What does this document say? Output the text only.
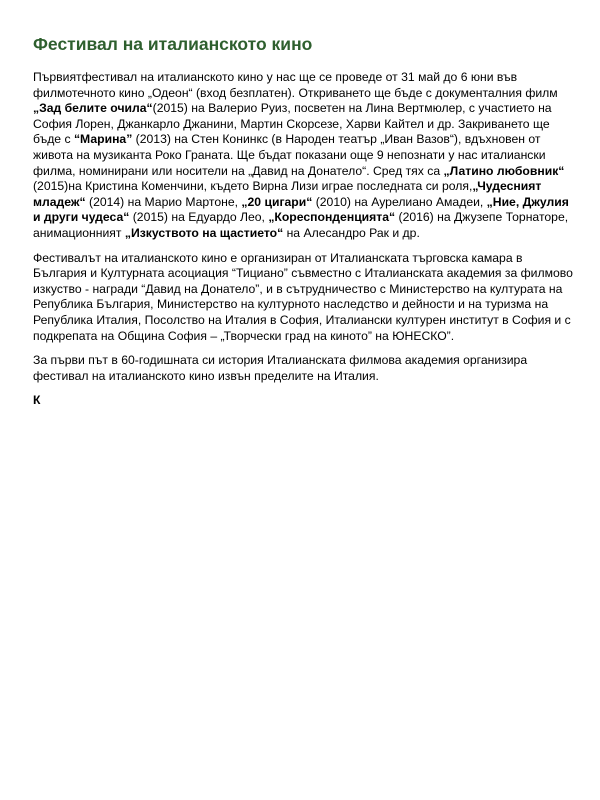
Фестивал на италианското кино

Първиятфестивал на италианското кино у нас ще се проведе от 31 май до 6 юни във филмотечното кино „Одеон“ (вход безплатен). Откриването ще бъде с документалния филм „Зад белите очила“(2015) на Валерио Руиз, посветен на Лина Вертмюлер, с участието на София Лорен, Джанкарло Джанини, Мартин Скорсезе, Харви Кайтел и др. Закриването ще бъде с “Марина” (2013) на Стен Конинкс (в Народен театър „Иван Вазов“), вдъхновен от живота на музиканта Роко Граната. Ще бъдат показани още 9 непознати у нас италиански филма, номинирани или носители на „Давид на Донатело“. Сред тях са „Латино любовник“ (2015)на Кристина Коменчини, където Вирна Лизи играе последната си роля,„Чудесният младеж“ (2014) на Марио Мартоне, „20 цигари“ (2010) на Аурелиано Амадеи, „Ние, Джулия и други чудеса“ (2015) на Едуардо Лео, „Кореспонденцията“ (2016) на Джузепе Торнаторе, анимационният „Изкуството на щастието“ на Алесандро Рак и др.

Фестивалът на италианското кино е организиран от Италианската търговска камара в България и Културната асоциация “Тициано” съвместно с Италианската академия за филмово изкуство - награди “Давид на Донатело”, и в сътрудничество с Министерство на културата на Република България, Министерство на културното наследство и дейности и на туризма на Република Италия, Посолство на Италия в София, Италиански културен институт в София и с подкрепата на Община София – „Творчески град на киното” на ЮНЕСКО”.

За първи път в 60-годишната си история Италианската филмова академия организира фестивал на италианското кино извън пределите на Италия.

К
